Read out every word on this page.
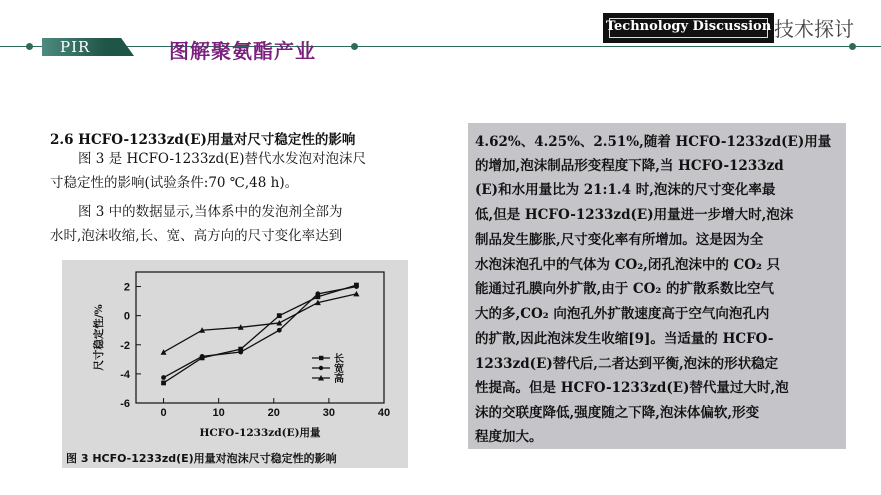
PIR	图解聚氨酯产业
Technology Discussion 技术探讨
2.6 HCFO-1233zd(E)用量对尺寸稳定性的影响
图 3 是 HCFO-1233zd(E)替代水发泡对泡沫尺
寸稳定性的影响(试验条件:70 ℃,48 h)。
图 3 中的数据显示,当体系中的发泡剂全部为
水时,泡沫收缩,长、宽、高方向的尺寸变化率达到
2
0
-2
-4
-6
0	10	20	30	40
HCFO-1233zd(E)用量
尺寸稳定性/%	长
宽
高
图 3 HCFO-1233zd(E)用量对泡沫尺寸稳定性的影响
4.62%、4.25%、2.51%,随着 HCFO-1233zd(E)用量
的增加,泡沫制品形变程度下降,当 HCFO-1233zd
(E)和水用量比为 21:1.4 时,泡沫的尺寸变化率最
低,但是 HCFO-1233zd(E)用量进一步增大时,泡沫
制品发生膨胀,尺寸变化率有所增加。这是因为全
水泡沫泡孔中的气体为 CO₂,闭孔泡沫中的 CO₂ 只
能通过孔膜向外扩散,由于 CO₂ 的扩散系数比空气
大的多,CO₂ 向泡孔外扩散速度高于空气向泡孔内
的扩散,因此泡沫发生收缩[9]。当适量的 HCFO-
1233zd(E)替代后,二者达到平衡,泡沫的形状稳定
性提高。但是 HCFO-1233zd(E)替代量过大时,泡
沫的交联度降低,强度随之下降,泡沫体偏软,形变
程度加大。
